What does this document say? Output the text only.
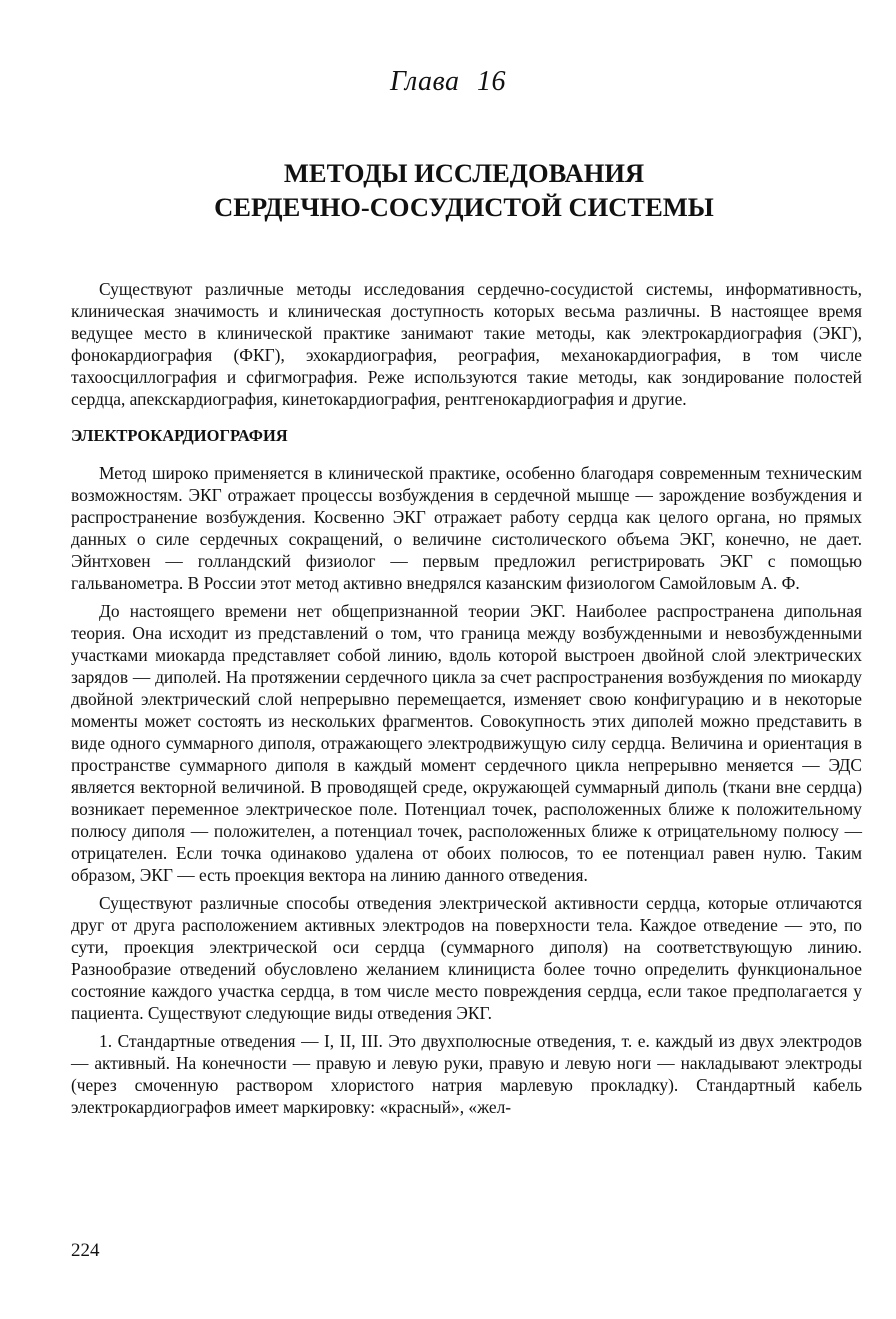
Глава 16
МЕТОДЫ ИССЛЕДОВАНИЯ
СЕРДЕЧНО-СОСУДИСТОЙ СИСТЕМЫ

Существуют различные методы исследования сердечно-сосудистой системы, информативность, клиническая значимость и клиническая доступность которых весьма различны. В настоящее время ведущее место в клинической практике занимают такие методы, как электрокардиография (ЭКГ), фонокардиография (ФКГ), эхокардиография, реография, механокардиография, в том числе тахоосциллография и сфигмография. Реже используются такие методы, как зондирование полостей сердца, апекскардиография, кинетокардиография, рентгенокардиография и другие.

ЭЛЕКТРОКАРДИОГРАФИЯ

Метод широко применяется в клинической практике, особенно благодаря современным техническим возможностям. ЭКГ отражает процессы возбуждения в сердечной мышце — зарождение возбуждения и распространение возбуждения. Косвенно ЭКГ отражает работу сердца как целого органа, но прямых данных о силе сердечных сокращений, о величине систолического объема ЭКГ, конечно, не дает. Эйнтховен — голландский физиолог — первым предложил регистрировать ЭКГ с помощью гальванометра. В России этот метод активно внедрялся казанским физиологом Самойловым А. Ф.

До настоящего времени нет общепризнанной теории ЭКГ. Наиболее распространена дипольная теория. Она исходит из представлений о том, что граница между возбужденными и невозбужденными участками миокарда представляет собой линию, вдоль которой выстроен двойной слой электрических зарядов — диполей. На протяжении сердечного цикла за счет распространения возбуждения по миокарду двойной электрический слой непрерывно перемещается, изменяет свою конфигурацию и в некоторые моменты может состоять из нескольких фрагментов. Совокупность этих диполей можно представить в виде одного суммарного диполя, отражающего электродвижущую силу сердца. Величина и ориентация в пространстве суммарного диполя в каждый момент сердечного цикла непрерывно меняется — ЭДС является векторной величиной. В проводящей среде, окружающей суммарный диполь (ткани вне сердца) возникает переменное электрическое поле. Потенциал точек, расположенных ближе к положительному полюсу диполя — положителен, а потенциал точек, расположенных ближе к отрицательному полюсу — отрицателен. Если точка одинаково удалена от обоих полюсов, то ее потенциал равен нулю. Таким образом, ЭКГ — есть проекция вектора на линию данного отведения.

Существуют различные способы отведения электрической активности сердца, которые отличаются друг от друга расположением активных электродов на поверхности тела. Каждое отведение — это, по сути, проекция электрической оси сердца (суммарного диполя) на соответствующую линию. Разнообразие отведений обусловлено желанием клинициста более точно определить функциональное состояние каждого участка сердца, в том числе место повреждения сердца, если такое предполагается у пациента. Существуют следующие виды отведения ЭКГ.

1. Стандартные отведения — I, II, III. Это двухполюсные отведения, т. е. каждый из двух электродов — активный. На конечности — правую и левую руки, правую и левую ноги — накладывают электроды (через смоченную раствором хлористого натрия марлевую прокладку). Стандартный кабель электрокардиографов имеет маркировку: «красный», «жел-

224
